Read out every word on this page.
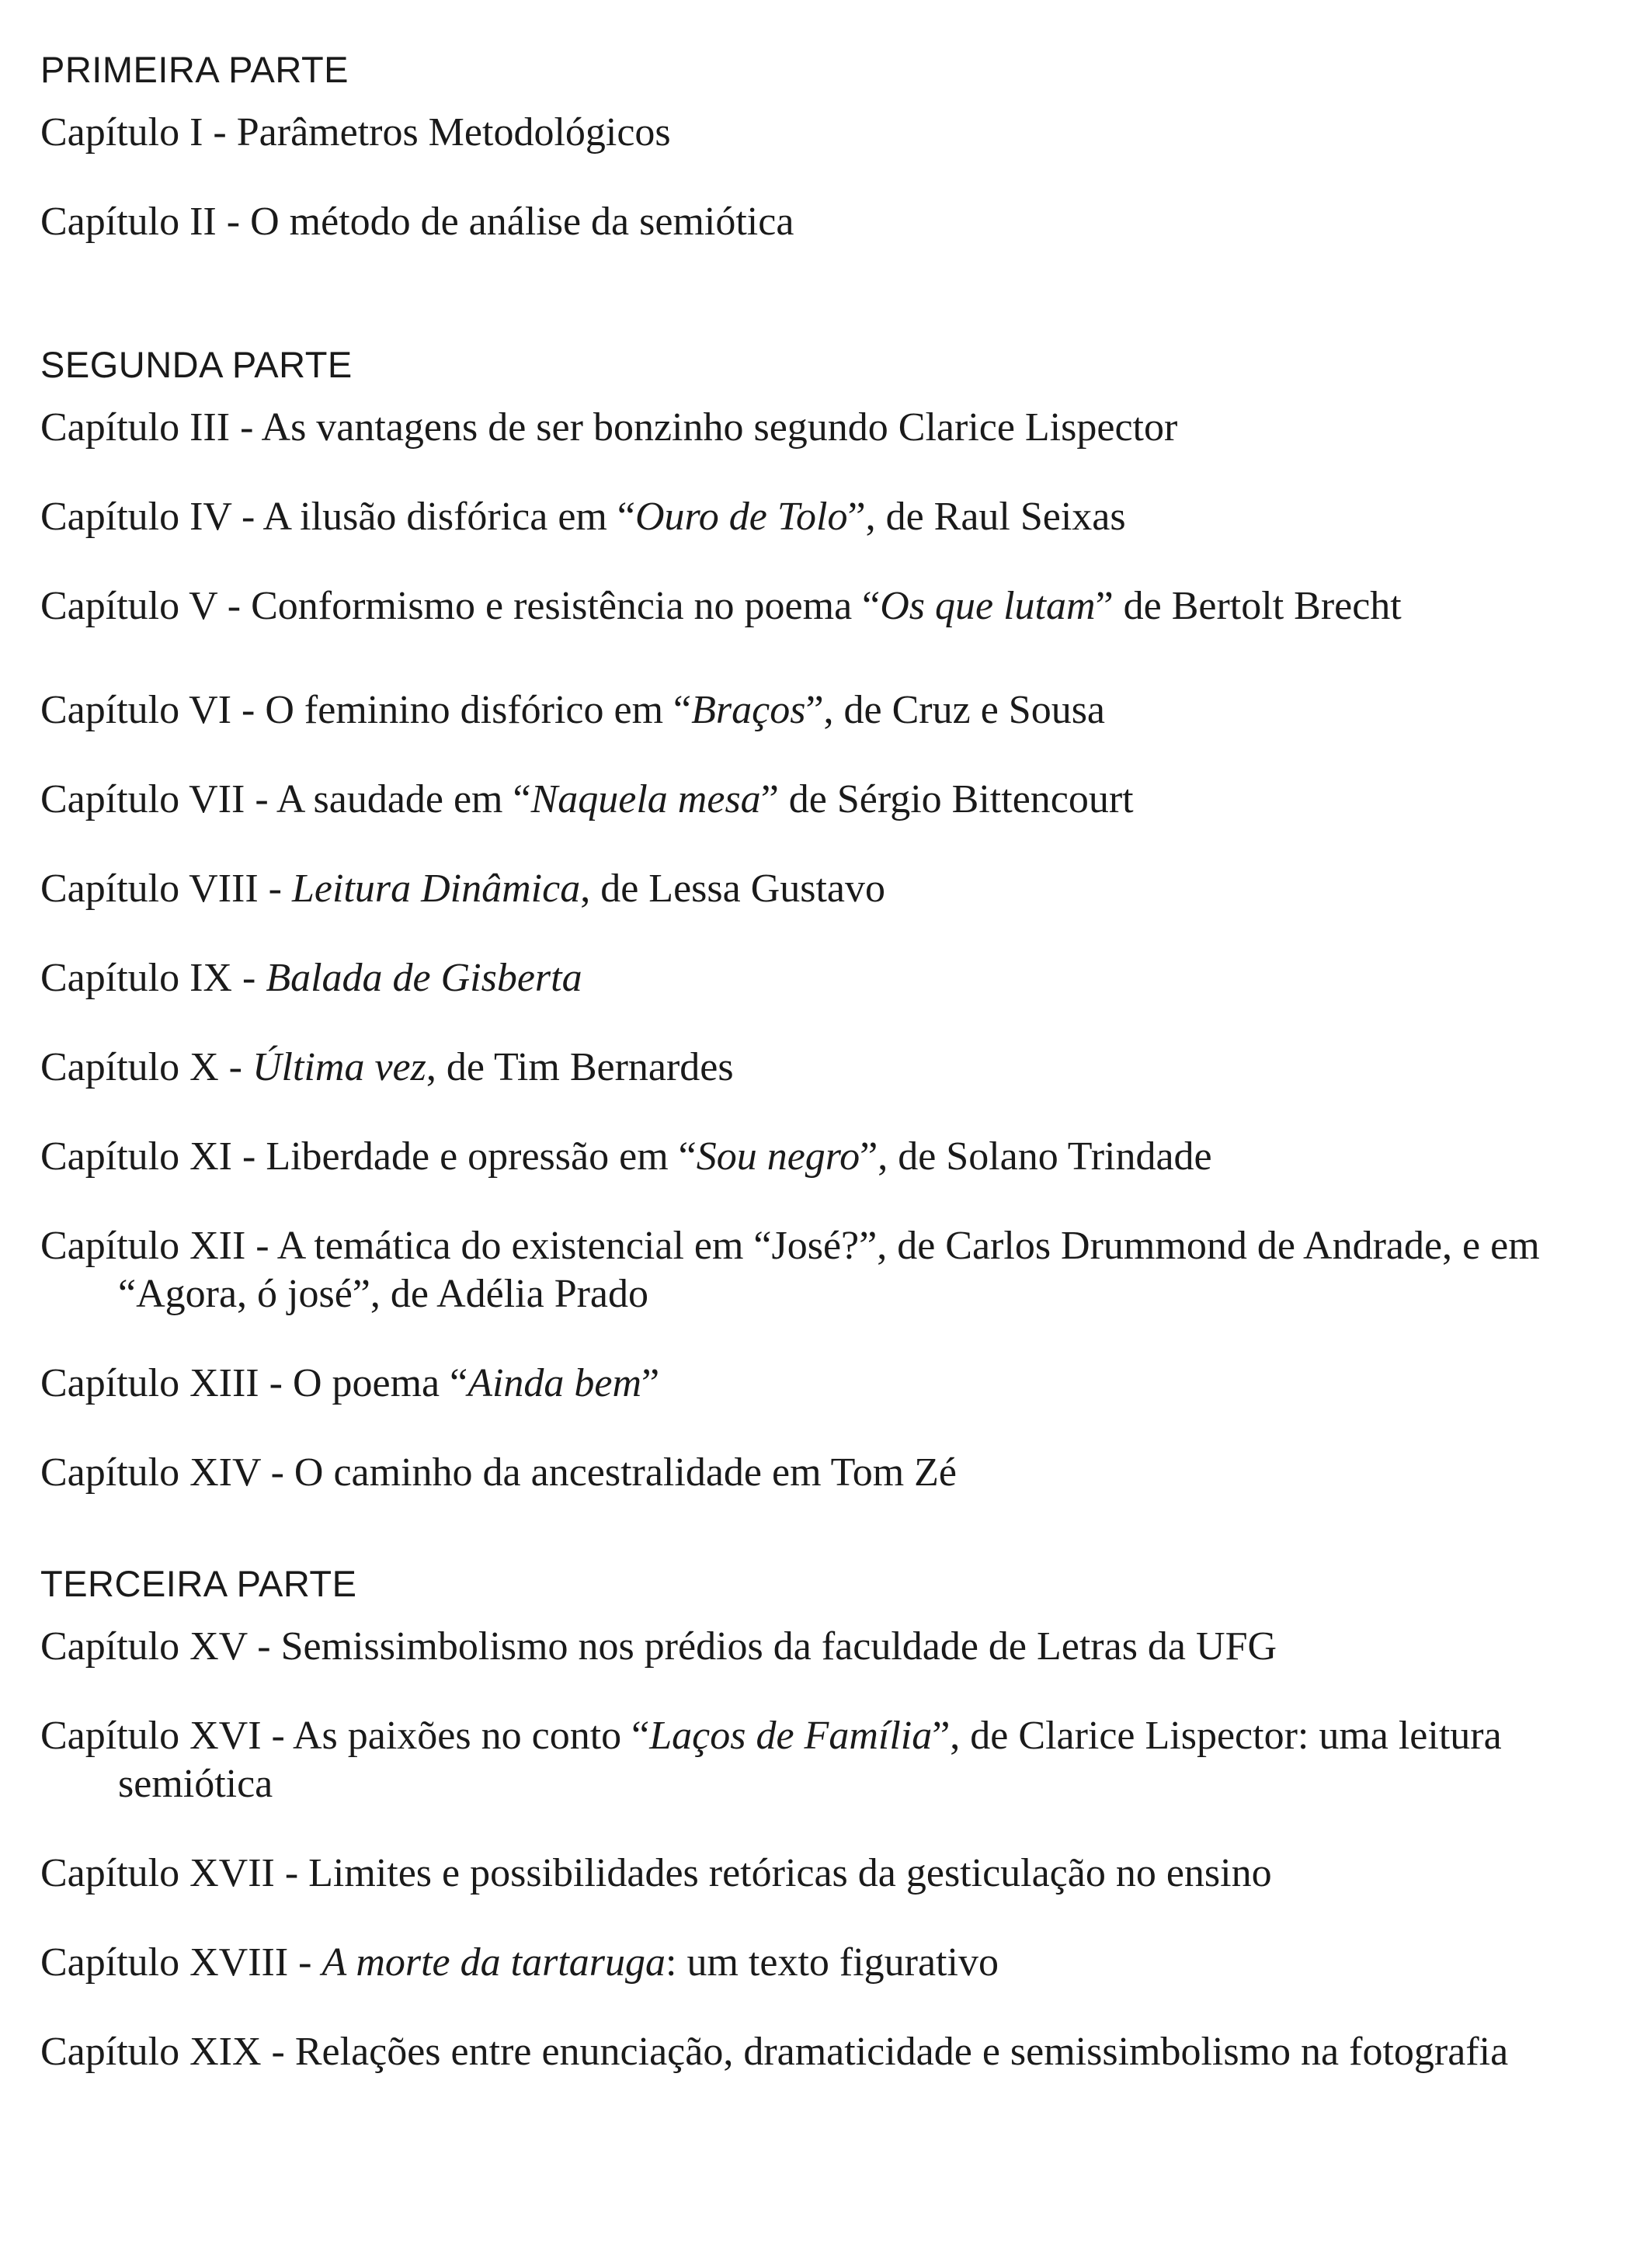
PRIMEIRA PARTE

Capítulo I - Parâmetros Metodológicos

Capítulo II - O método de análise da semiótica

SEGUNDA PARTE

Capítulo III - As vantagens de ser bonzinho segundo Clarice Lispector

Capítulo IV - A ilusão disfórica em “Ouro de Tolo”, de Raul Seixas

Capítulo V - Conformismo e resistência no poema “Os que lutam” de Bertolt Brecht

Capítulo VI - O feminino disfórico em “Braços”, de Cruz e Sousa

Capítulo VII - A saudade em “Naquela mesa” de Sérgio Bittencourt

Capítulo VIII - Leitura Dinâmica, de Lessa Gustavo

Capítulo IX - Balada de Gisberta

Capítulo X - Última vez, de Tim Bernardes

Capítulo XI - Liberdade e opressão em “Sou negro”, de Solano Trindade

Capítulo XII - A temática do existencial em “José?”, de Carlos Drummond de Andrade, e em “Agora, ó josé”, de Adélia Prado

Capítulo XIII - O poema “Ainda bem”

Capítulo XIV - O caminho da ancestralidade em Tom Zé

TERCEIRA PARTE

Capítulo XV - Semissimbolismo nos prédios da faculdade de Letras da UFG

Capítulo XVI - As paixões no conto “Laços de Família”, de Clarice Lispector: uma leitura semiótica

Capítulo XVII - Limites e possibilidades retóricas da gesticulação no ensino

Capítulo XVIII - A morte da tartaruga: um texto figurativo

Capítulo XIX - Relações entre enunciação, dramaticidade e semissimbolismo na fotografia
